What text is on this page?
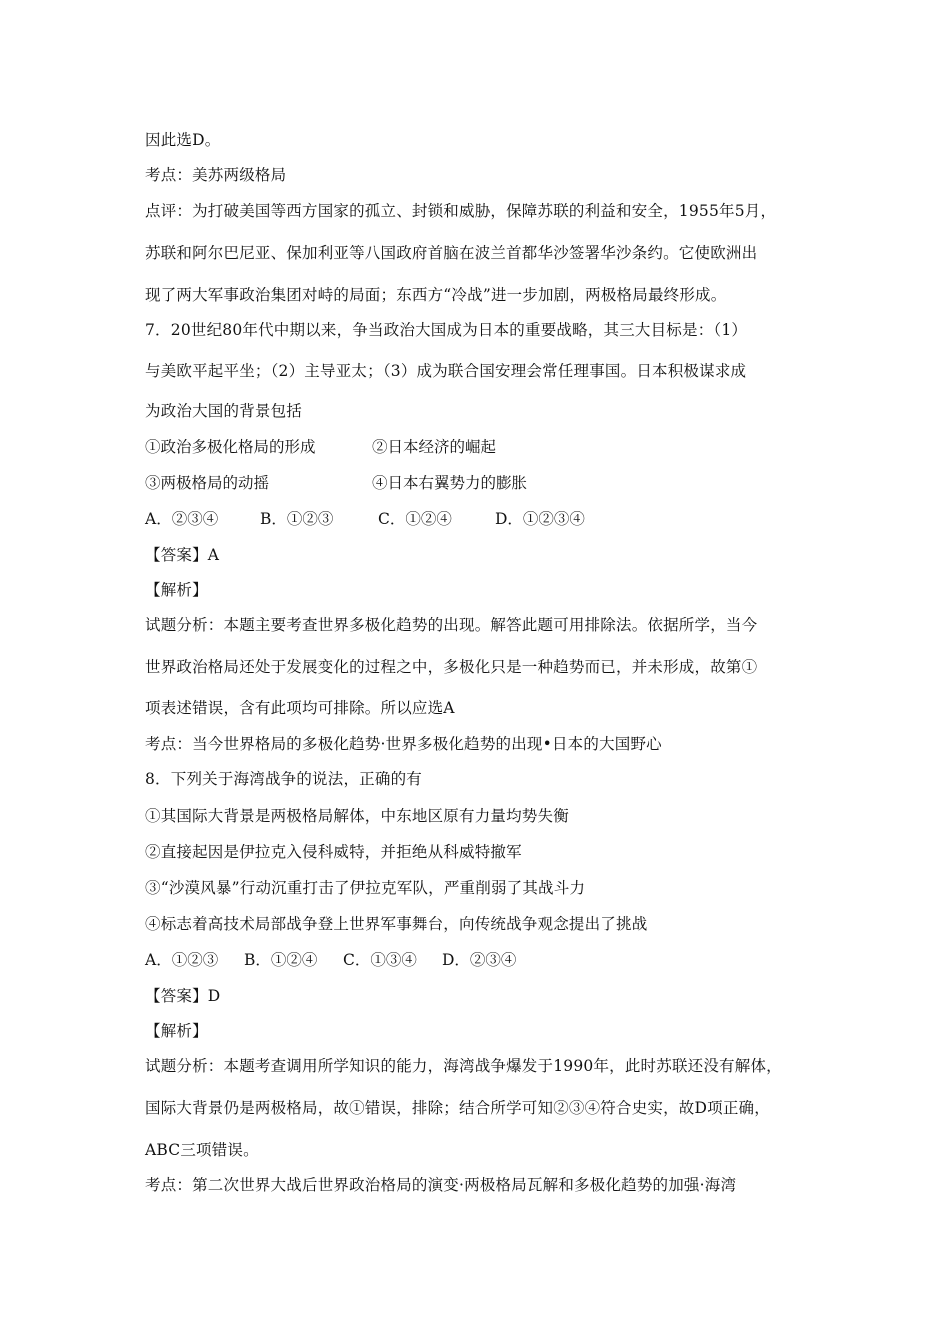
因此选D。
考点：美苏两级格局
点评：为打破美国等西方国家的孤立、封锁和威胁，保障苏联的利益和安全，1955年5月，
苏联和阿尔巴尼亚、保加利亚等八国政府首脑在波兰首都华沙签署华沙条约。它使欧洲出
现了两大军事政治集团对峙的局面；东西方“冷战”进一步加剧，两极格局最终形成。
7．20世纪80年代中期以来，争当政治大国成为日本的重要战略，其三大目标是：（1）
与美欧平起平坐；（2）主导亚太；（3）成为联合国安理会常任理事国。日本积极谋求成
为政治大国的背景包括
①政治多极化格局的形成	②日本经济的崛起
③两极格局的动摇	④日本右翼势力的膨胀
A．②③④	B．①②③	C．①②④	D．①②③④
【答案】A
【解析】
试题分析：本题主要考查世界多极化趋势的出现。解答此题可用排除法。依据所学，当今
世界政治格局还处于发展变化的过程之中，多极化只是一种趋势而已，并未形成，故第①
项表述错误，含有此项均可排除。所以应选A
考点：当今世界格局的多极化趋势·世界多极化趋势的出现•日本的大国野心
8．下列关于海湾战争的说法，正确的有
①其国际大背景是两极格局解体，中东地区原有力量均势失衡
②直接起因是伊拉克入侵科威特，并拒绝从科威特撤军
③“沙漠风暴”行动沉重打击了伊拉克军队，严重削弱了其战斗力
④标志着高技术局部战争登上世界军事舞台，向传统战争观念提出了挑战
A．①②③ B．①②④ C．①③④ D．②③④
【答案】D
【解析】
试题分析：本题考查调用所学知识的能力，海湾战争爆发于1990年，此时苏联还没有解体，
国际大背景仍是两极格局，故①错误，排除；结合所学可知②③④符合史实，故D项正确，
ABC三项错误。
考点：第二次世界大战后世界政治格局的演变·两极格局瓦解和多极化趋势的加强·海湾
